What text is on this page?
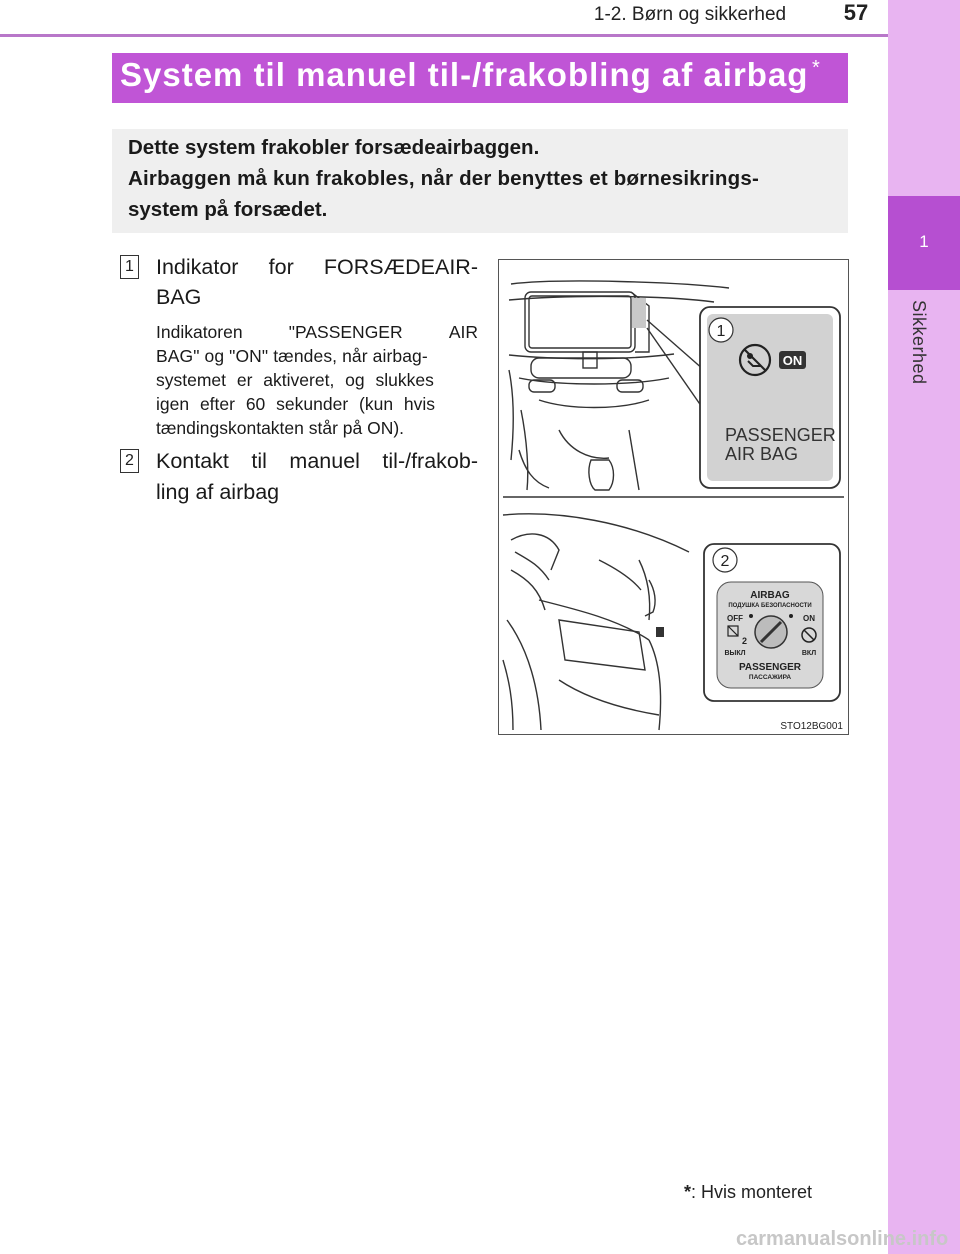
1-2. Børn og sikkerhed	57
1
Sikkerhed
System til manuel til-/frakobling af airbag *

Dette system frakobler forsædeairbaggen.

Airbaggen må kun frakobles, når der benyttes et børnesikrings-

system på forsædet.

1 Indikator for FORSÆDEAIR-
BAG
Indikatoren	"PASSENGER	AIR
BAG" og "ON" tændes, når airbag-
systemet er aktiveret, og slukkes
igen efter 60 sekunder (kun hvis
tændingskontakten står på ON).
2 Kontakt til manuel til-/frakob-
ling af airbag
1
ON
PASSENGER
AIR BAG
2
AIRBAG
ПОДУШКА БЕЗОПАСНОСТИ
OFF	ON
2
ВЫКЛ	ВКЛ
PASSENGER
ПАССАЖИРА
STO12BG001
*: Hvis monteret
carmanualsonline.info
